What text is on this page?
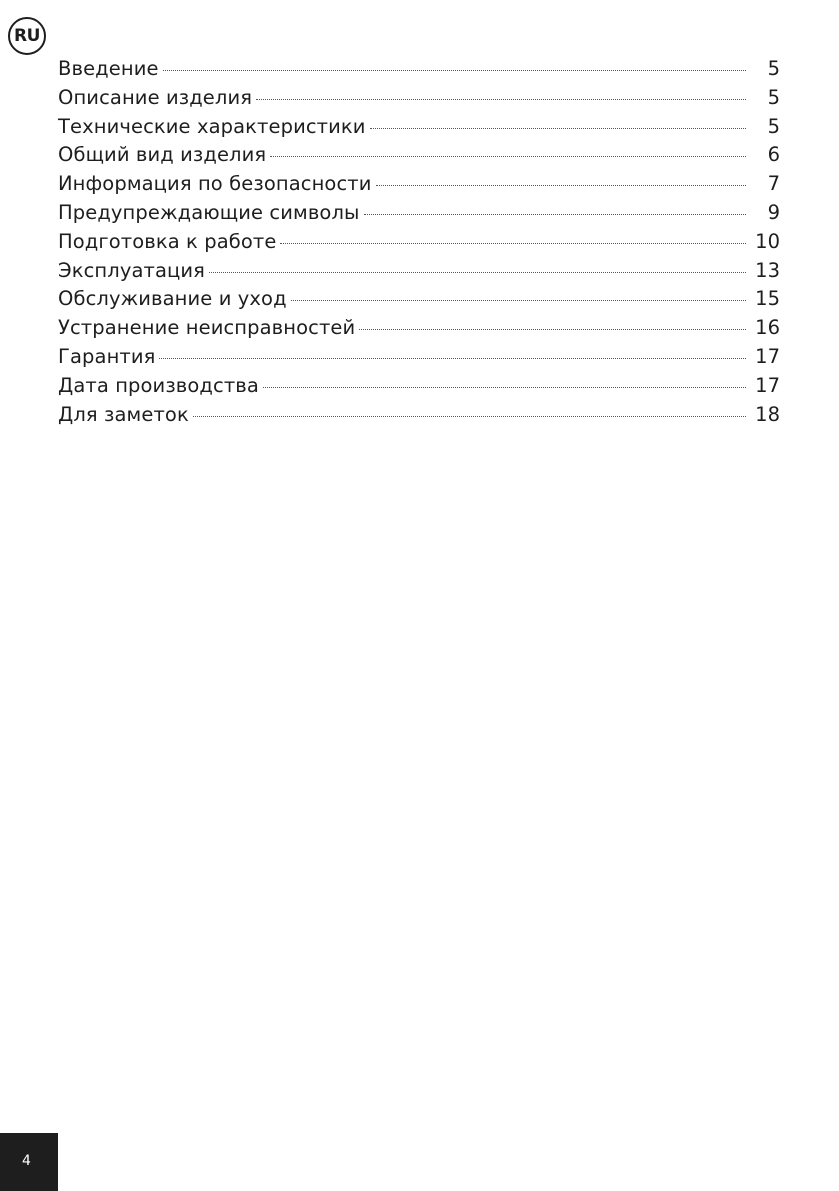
RU
Введение	5
Описание изделия	5
Технические характеристики	5
Общий вид изделия	6
Информация по безопасности	7
Предупреждающие символы	9
Подготовка к работе	10
Эксплуатация	13
Обслуживание и уход	15
Устранение неисправностей	16
Гарантия	17
Дата производства	17
Для заметок	18
4
